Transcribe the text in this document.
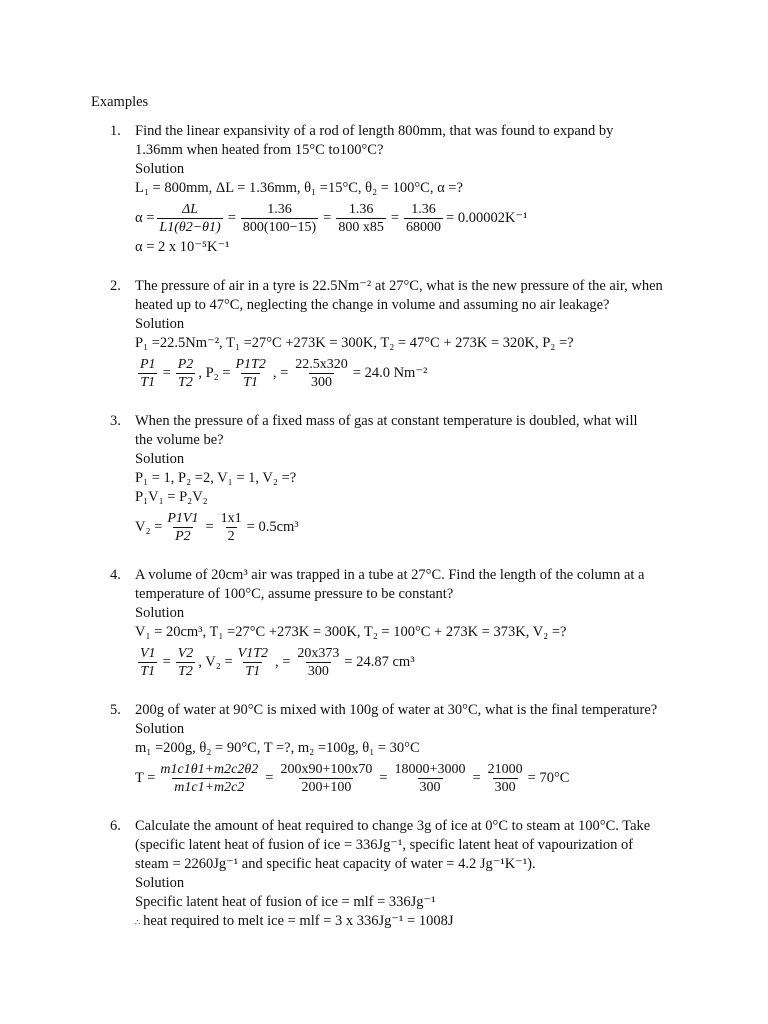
Examples
1. Find the linear expansivity of a rod of length 800mm, that was found to expand by
1.36mm when heated from 15°C to100°C?
Solution
L₁ = 800mm, ΔL = 1.36mm, θ₁ =15°C, θ₂ = 100°C, α =?
$\alpha = \frac{\Delta L}{L1(\theta 2-\theta 1)} = \frac{1.36}{800(100-15)} = \frac{1.36}{800 x85} = \frac{1.36}{68000} = 0.00002K^{-1}$
α = 2 x 10⁻⁵K⁻¹
2. The pressure of air in a tyre is 22.5Nm⁻² at 27°C, what is the new pressure of the air, when
heated up to 47°C, neglecting the change in volume and assuming no air leakage?
Solution
P₁ =22.5Nm⁻², T₁ =27°C +273K = 300K, T₂ = 47°C + 273K = 320K, P₂ =?
$\frac{P1}{T1} = \frac{P2}{T2}$ , $P_2 = \frac{P1T2}{T1}$ , = $\frac{22.5x320}{300} = 24.0$ Nm⁻²
3. When the pressure of a fixed mass of gas at constant temperature is doubled, what will
the volume be?
Solution
P₁ = 1, P₂ =2, V₁ = 1, V₂ =?
P₁V₁ = P₂V₂
$V_2 = \frac{P1V1}{P2} = \frac{1x1}{2} = 0.5cm^3$
4. A volume of 20cm³ air was trapped in a tube at 27°C. Find the length of the column at a
temperature of 100°C, assume pressure to be constant?
Solution
V₁ = 20cm³, T₁ =27°C +273K = 300K, T₂ = 100°C + 273K = 373K, V₂ =?
$\frac{V1}{T1} = \frac{V2}{T2}$ , $V_2 = \frac{V1T2}{T1}$ , = $\frac{20x373}{300} = 24.87$ cm³
5. 200g of water at 90°C is mixed with 100g of water at 30°C, what is the final temperature?
Solution
m₁ =200g, θ₂ = 90°C, T =?, m₂ =100g, θ₁ = 30°C
$T = \frac{m1c1\theta 1+m2c2\theta 2}{m1c1+m2c2} = \frac{200x90+100x70}{200+100} = \frac{18000+3000}{300} = \frac{21000}{300} = 70^\circ C$
6. Calculate the amount of heat required to change 3g of ice at 0°C to steam at 100°C. Take
(specific latent heat of fusion of ice = 336Jg⁻¹, specific latent heat of vapourization of
steam = 2260Jg⁻¹ and specific heat capacity of water = 4.2 Jg⁻¹K⁻¹).
Solution
Specific latent heat of fusion of ice = mlf = 336Jg⁻¹
∴ heat required to melt ice = mlf = 3 x 336Jg⁻¹ = 1008J
